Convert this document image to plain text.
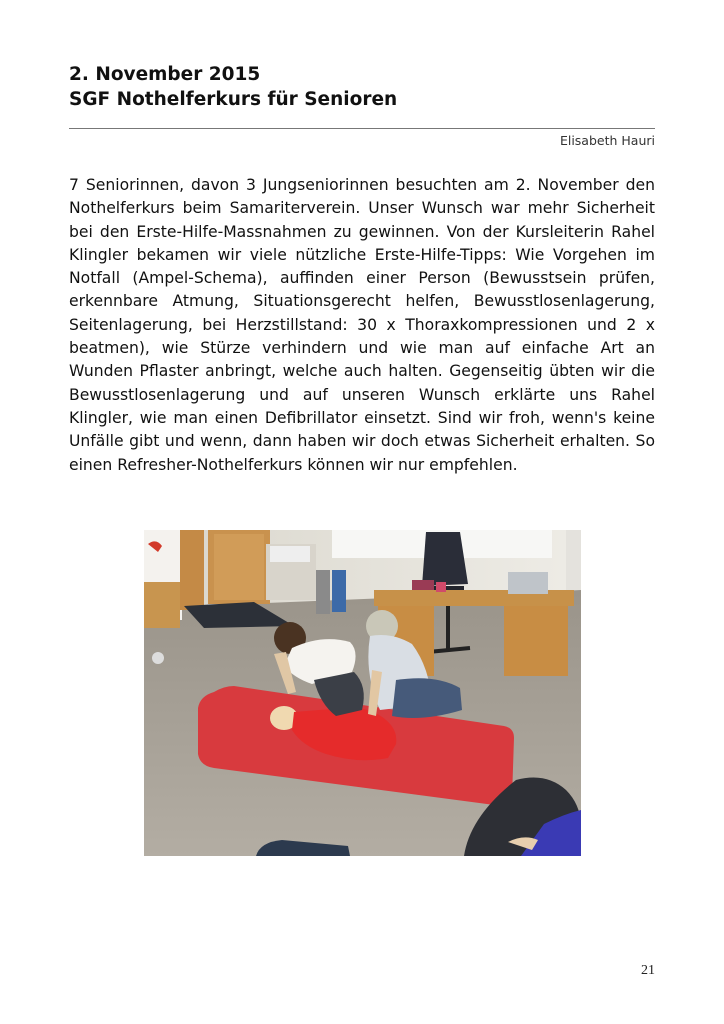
2. November 2015
SGF Nothelferkurs für Senioren
Elisabeth Hauri

7 Seniorinnen, davon 3 Jungseniorinnen besuchten am 2. November den Nothelferkurs beim Samariterverein. Unser Wunsch war mehr Sicherheit bei den Erste-Hilfe-Massnahmen zu gewinnen. Von der Kursleiterin Rahel Klingler bekamen wir viele nützliche Erste-Hilfe-Tipps: Wie Vorgehen im Notfall (Ampel-Schema), auffinden einer Person (Bewusstsein prüfen, erkennbare Atmung, Situationsgerecht helfen, Bewusstlosenlagerung, Seitenlagerung, bei Herzstillstand: 30 x Thoraxkompressionen und 2 x beatmen), wie Stürze verhindern und wie man auf einfache Art an Wunden Pflaster anbringt, welche auch halten. Gegenseitig übten wir die Bewusstlosenlagerung und auf unseren Wunsch erklärte uns Rahel Klingler, wie man einen Defibrillator einsetzt. Sind wir froh, wenn's keine Unfälle gibt und wenn, dann haben wir doch etwas Sicherheit erhalten. So einen Refresher-Nothelferkurs können wir nur empfehlen.

21
